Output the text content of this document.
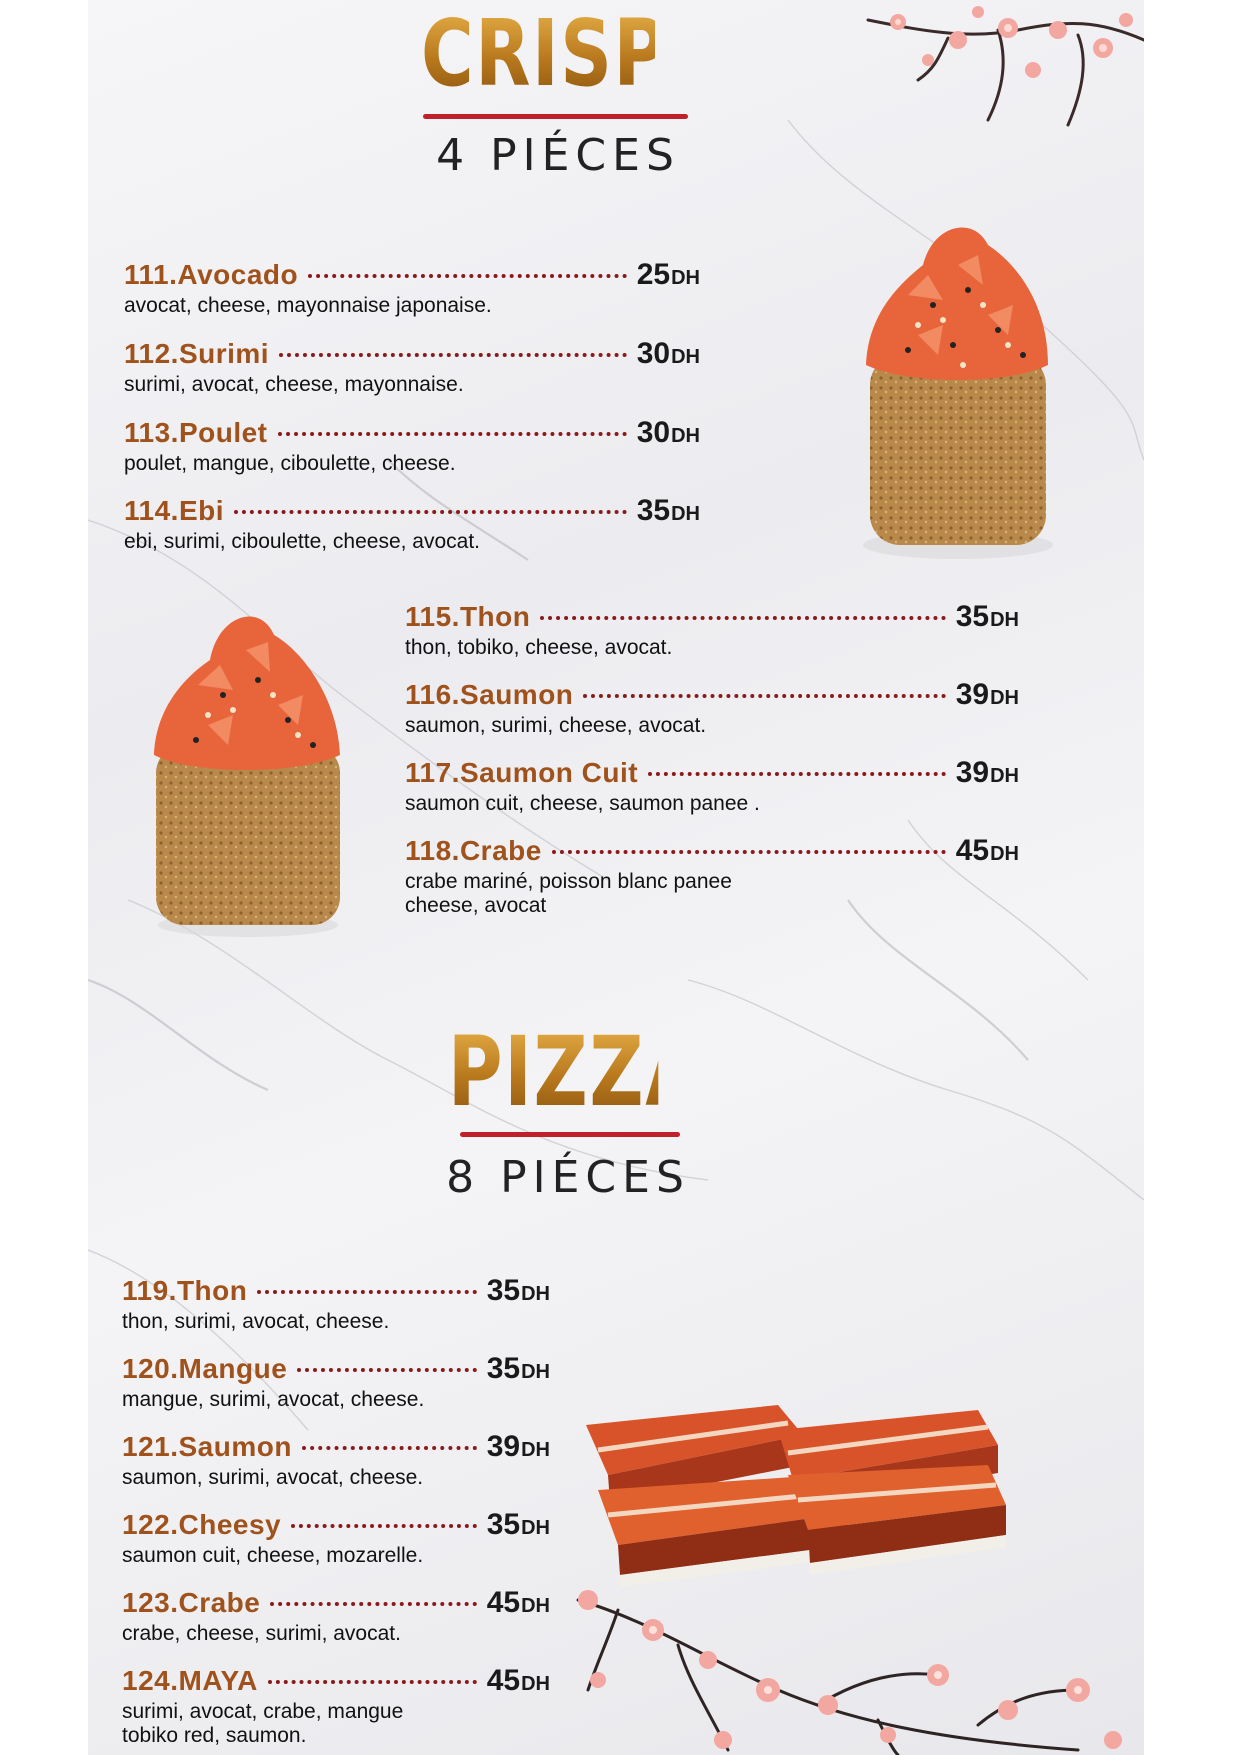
CRISPY

4 PIÉCES

111.Avocado	25DH
avocat, cheese, mayonnaise japonaise.
112.Surimi	30DH
surimi, avocat, cheese, mayonnaise.
113.Poulet	30DH
poulet, mangue, ciboulette, cheese.
114.Ebi	35DH
ebi, surimi, ciboulette, cheese, avocat.
115.Thon	35DH
thon, tobiko, cheese, avocat.
116.Saumon	39DH
saumon, surimi, cheese, avocat.
117.Saumon Cuit	39DH
saumon cuit, cheese, saumon panee .
118.Crabe	45DH
crabe mariné, poisson blanc panee
cheese, avocat
PIZZA

8 PIÉCES

119.Thon	35DH
thon, surimi, avocat, cheese.
120.Mangue	35DH
mangue, surimi, avocat, cheese.
121.Saumon	39DH
saumon, surimi, avocat, cheese.
122.Cheesy	35DH
saumon cuit, cheese, mozarelle.
123.Crabe	45DH
crabe, cheese, surimi, avocat.
124.MAYA	45DH
surimi, avocat, crabe, mangue
tobiko red, saumon.
